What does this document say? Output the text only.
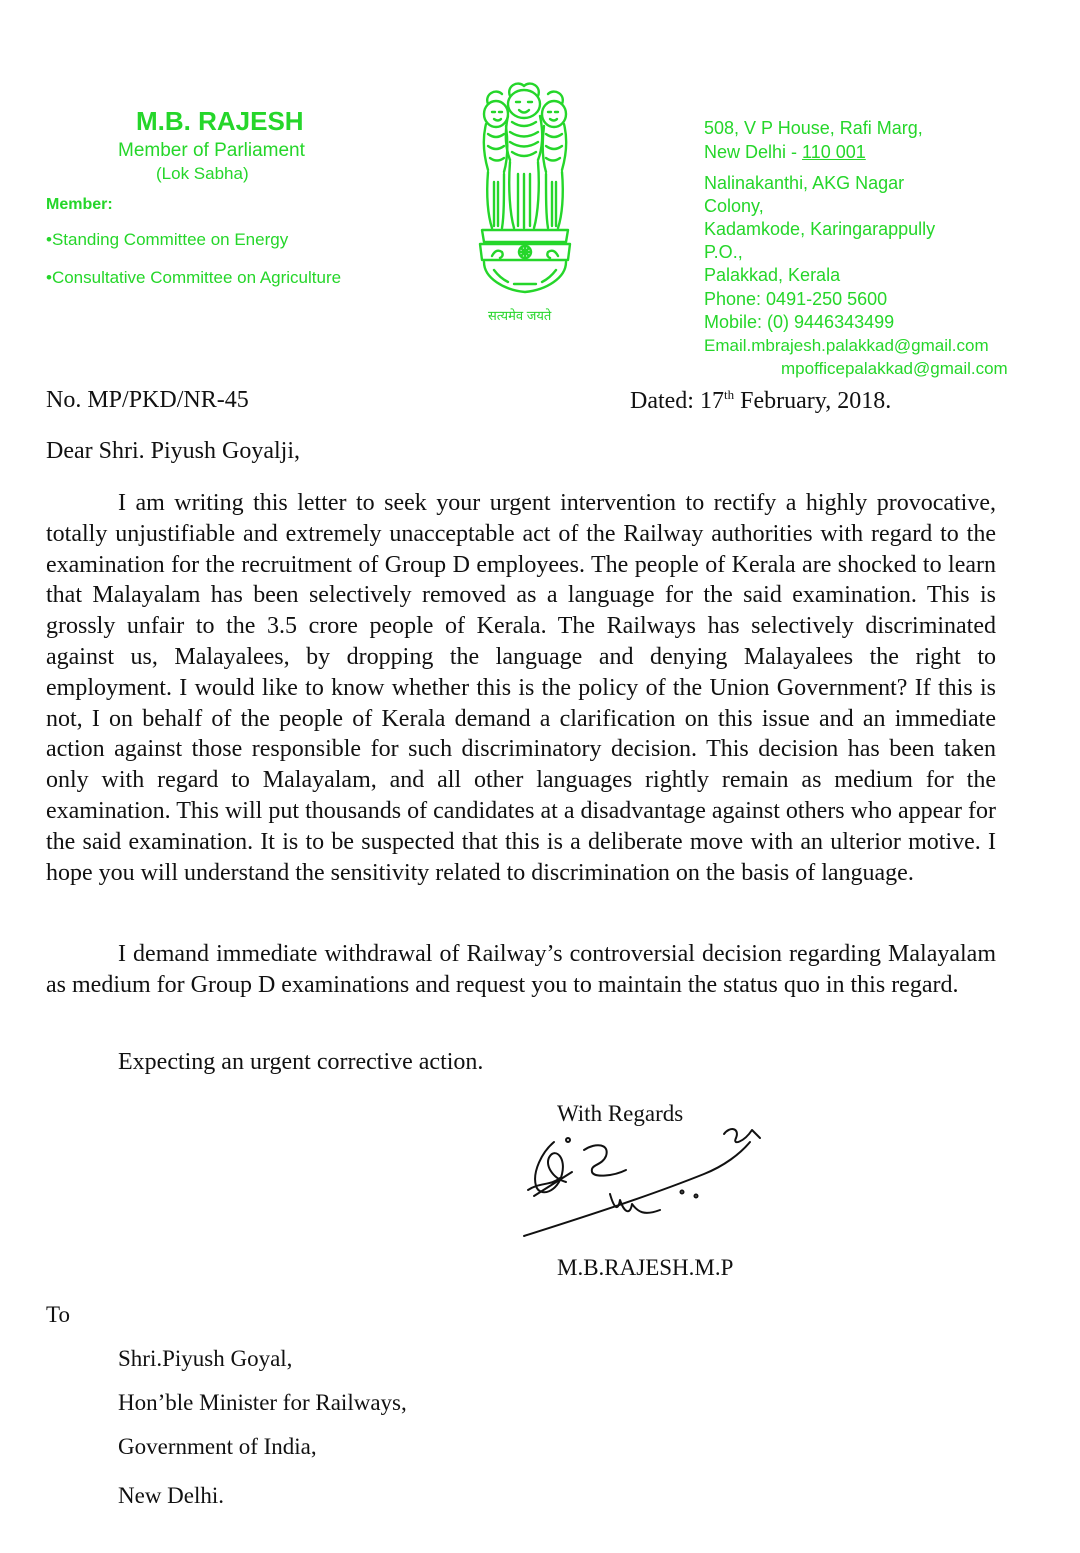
M.B. RAJESH
Member of Parliament
(Lok Sabha)
Member:
•Standing Committee on Energy
•Consultative Committee on Agriculture
सत्यमेव जयते
508, V P House, Rafi Marg,
New Delhi - 110 001
Nalinakanthi, AKG Nagar
Colony,
Kadamkode, Karingarappully
P.O.,
Palakkad, Kerala
Phone: 0491-250 5600
Mobile: (0) 9446343499
Email.mbrajesh.palakkad@gmail.com
mpofficepalakkad@gmail.com
No. MP/PKD/NR-45	Dated: 17th February, 2018.
Dear Shri. Piyush Goyalji,

I am writing this letter to seek your urgent intervention to rectify a highly provocative, totally unjustifiable and extremely unacceptable act of the Railway authorities with regard to the examination for the recruitment of Group D employees. The people of Kerala are shocked to learn that Malayalam has been selectively removed as a language for the said examination. This is grossly unfair to the 3.5 crore people of Kerala. The Railways has selectively discriminated against us, Malayalees, by dropping the language and denying Malayalees the right to employment. I would like to know whether this is the policy of the Union Government? If this is not, I on behalf of the people of Kerala demand a clarification on this issue and an immediate action against those responsible for such discriminatory decision. This decision has been taken only with regard to Malayalam, and all other languages rightly remain as medium for the examination. This will put thousands of candidates at a disadvantage against others who appear for the said examination. It is to be suspected that this is a deliberate move with an ulterior motive. I hope you will understand the sensitivity related to discrimination on the basis of language.

I demand immediate withdrawal of Railway’s controversial decision regarding Malayalam as medium for Group D examinations and request you to maintain the status quo in this regard.

Expecting an urgent corrective action.
With Regards
M.B.RAJESH.M.P
To
Shri.Piyush Goyal,
Hon’ble Minister for Railways,
Government of India,
New Delhi.
